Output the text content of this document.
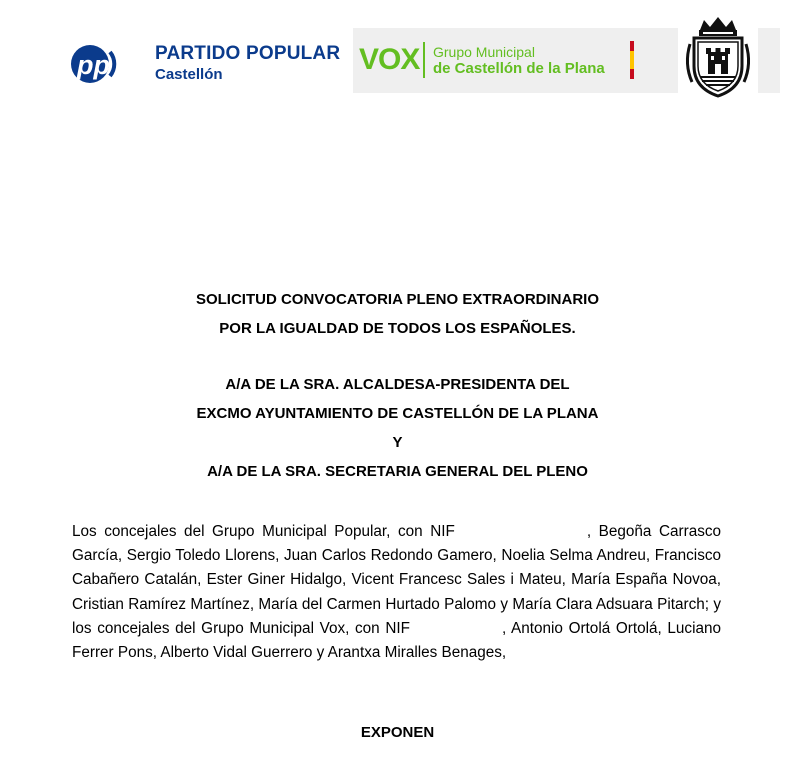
pp PARTIDO POPULAR
Castellón	VOX Grupo Municipal
de Castellón de la Plana
SOLICITUD CONVOCATORIA PLENO EXTRAORDINARIO
POR LA IGUALDAD DE TODOS LOS ESPAÑOLES.
A/A DE LA SRA. ALCALDESA-PRESIDENTA DEL
EXCMO AYUNTAMIENTO DE CASTELLÓN DE LA PLANA
Y
A/A DE LA SRA. SECRETARIA GENERAL DEL PLENO

Los concejales del Grupo Municipal Popular, con NIF	, Begoña Carrasco García, Sergio Toledo Llorens, Juan Carlos Redondo Gamero, Noelia Selma Andreu, Francisco Cabañero Catalán, Ester Giner Hidalgo, Vicent Francesc Sales i Mateu, María España Novoa, Cristian Ramírez Martínez, María del Carmen Hurtado Palomo y María Clara Adsuara Pitarch; y los concejales del Grupo Municipal Vox, con NIF	, Antonio Ortolá Ortolá, Luciano Ferrer Pons, Alberto Vidal Guerrero y Arantxa Miralles Benages,

EXPONEN
